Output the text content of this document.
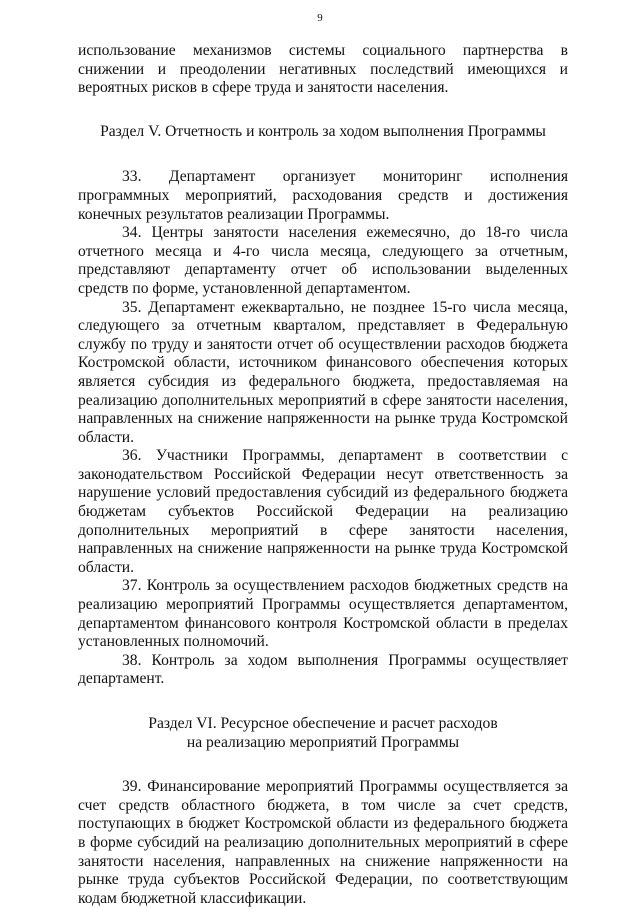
9

использование механизмов системы социального партнерства в снижении и преодолении негативных последствий имеющихся и вероятных рисков в сфере труда и занятости населения.

Раздел V. Отчетность и контроль за ходом выполнения Программы

33. Департамент организует мониторинг исполнения программных мероприятий, расходования средств и достижения конечных результатов реализации Программы.

34. Центры занятости населения ежемесячно, до 18-го числа отчетного месяца и 4-го числа месяца, следующего за отчетным, представляют департаменту отчет об использовании выделенных средств по форме, установленной департаментом.

35. Департамент ежеквартально, не позднее 15-го числа месяца, следующего за отчетным кварталом, представляет в Федеральную службу по труду и занятости отчет об осуществлении расходов бюджета Костромской области, источником финансового обеспечения которых является субсидия из федерального бюджета, предоставляемая на реализацию дополнительных мероприятий в сфере занятости населения, направленных на снижение напряженности на рынке труда Костромской области.

36. Участники Программы, департамент в соответствии с законодательством Российской Федерации несут ответственность за нарушение условий предоставления субсидий из федерального бюджета бюджетам субъектов Российской Федерации на реализацию дополнительных мероприятий в сфере занятости населения, направленных на снижение напряженности на рынке труда Костромской области.

37. Контроль за осуществлением расходов бюджетных средств на реализацию мероприятий Программы осуществляется департаментом, департаментом финансового контроля Костромской области в пределах установленных полномочий.

38. Контроль за ходом выполнения Программы осуществляет департамент.

Раздел VI. Ресурсное обеспечение и расчет расходов
на реализацию мероприятий Программы

39. Финансирование мероприятий Программы осуществляется за счет средств областного бюджета, в том числе за счет средств, поступающих в бюджет Костромской области из федерального бюджета в форме субсидий на реализацию дополнительных мероприятий в сфере занятости населения, направленных на снижение напряженности на рынке труда субъектов Российской Федерации, по соответствующим кодам бюджетной классификации.
